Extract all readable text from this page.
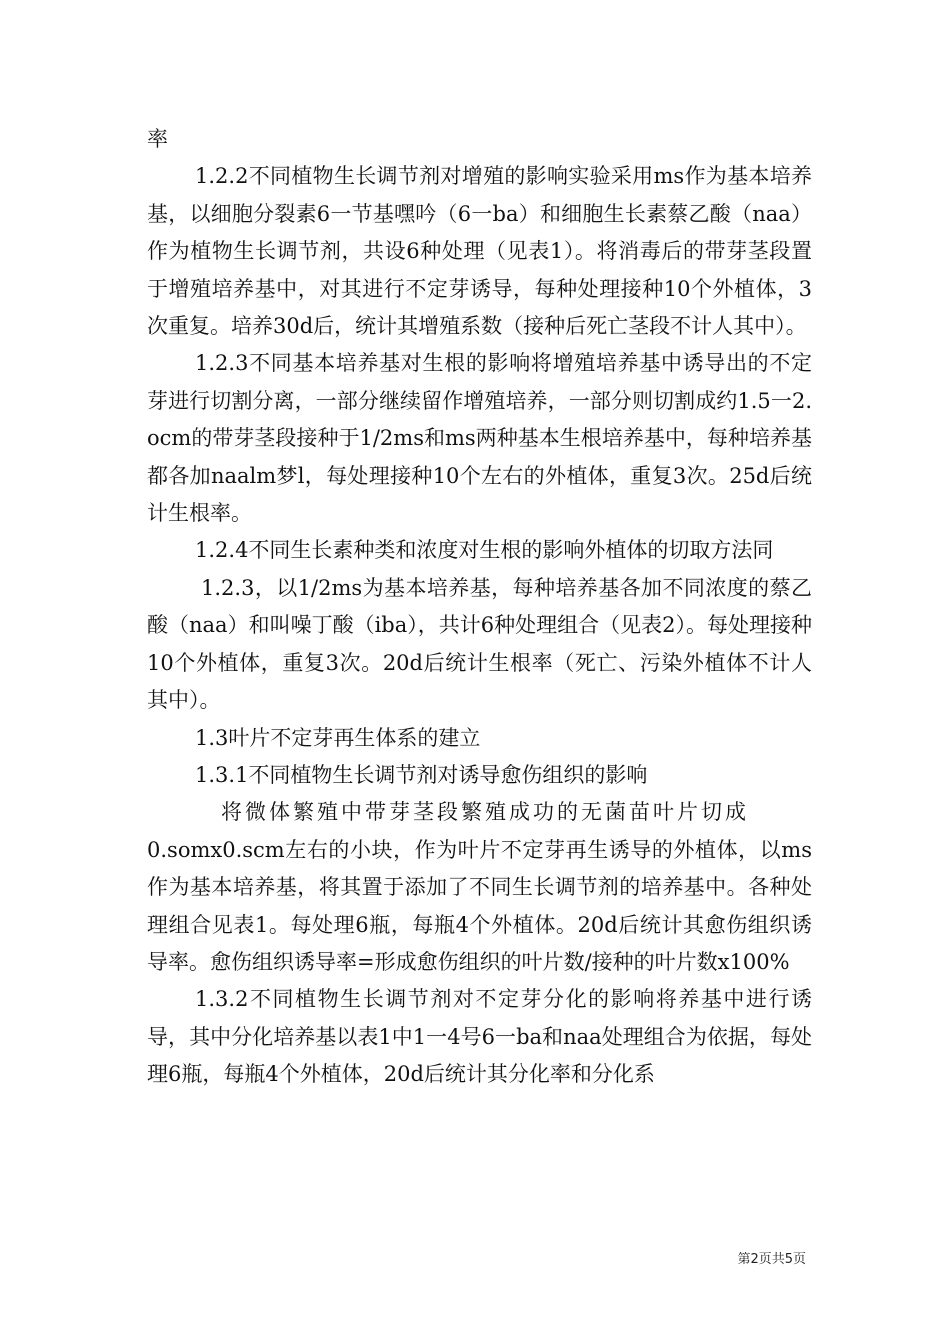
率

1.2.2不同植物生长调节剂对增殖的影响实验采用ms作为基本培养基，以细胞分裂素6一节基嘿吟（6一ba）和细胞生长素蔡乙酸（naa）作为植物生长调节剂，共设6种处理（见表1）。将消毒后的带芽茎段置于增殖培养基中，对其进行不定芽诱导，每种处理接种10个外植体，3次重复。培养30d后，统计其增殖系数（接种后死亡茎段不计人其中）。

1.2.3不同基本培养基对生根的影响将增殖培养基中诱导出的不定芽进行切割分离，一部分继续留作增殖培养，一部分则切割成约1.5一2.ocm的带芽茎段接种于1/2ms和ms两种基本生根培养基中，每种培养基都各加naalm梦l，每处理接种10个左右的外植体，重复3次。25d后统计生根率。

1.2.4不同生长素种类和浓度对生根的影响外植体的切取方法同

1.2.3，以1/2ms为基本培养基，每种培养基各加不同浓度的蔡乙酸（naa）和叫噪丁酸（iba），共计6种处理组合（见表2）。每处理接种10个外植体，重复3次。20d后统计生根率（死亡、污染外植体不计人其中）。

1.3叶片不定芽再生体系的建立

1.3.1不同植物生长调节剂对诱导愈伤组织的影响

将微体繁殖中带芽茎段繁殖成功的无菌苗叶片切成

0.somx0.scm左右的小块，作为叶片不定芽再生诱导的外植体，以ms作为基本培养基，将其置于添加了不同生长调节剂的培养基中。各种处理组合见表1。每处理6瓶，每瓶4个外植体。20d后统计其愈伤组织诱导率。愈伤组织诱导率=形成愈伤组织的叶片数/接种的叶片数x100%

1.3.2不同植物生长调节剂对不定芽分化的影响将养基中进行诱导，其中分化培养基以表1中1一4号6一ba和naa处理组合为依据，每处理6瓶，每瓶4个外植体，20d后统计其分化率和分化系

第2页共5页
